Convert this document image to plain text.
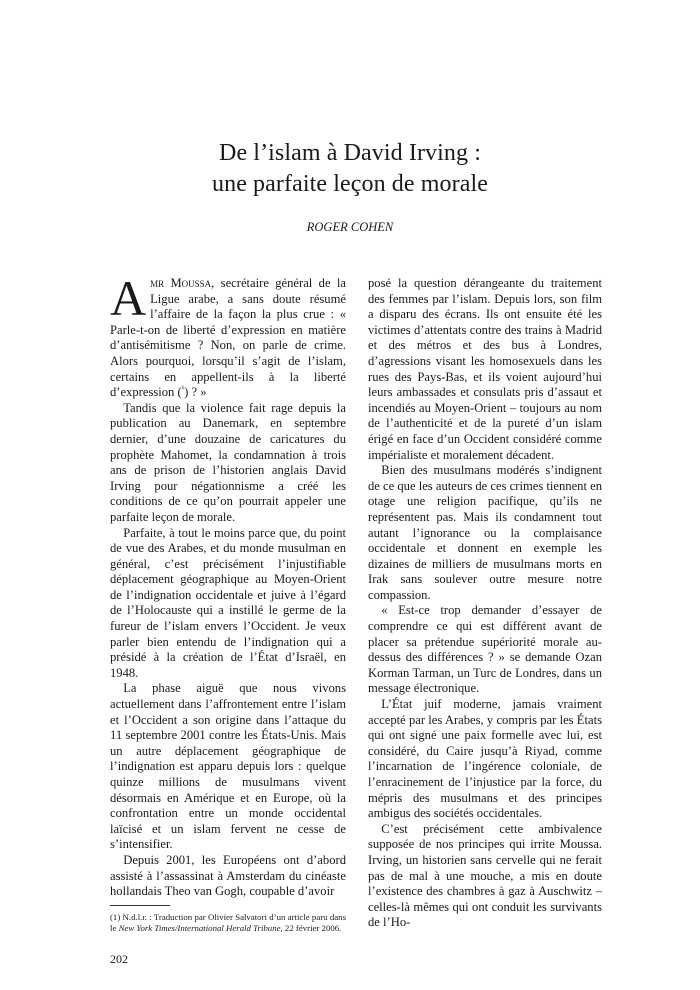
De l’islam à David Irving :
une parfaite leçon de morale
ROGER COHEN

Amr Moussa, secrétaire général de la Ligue arabe, a sans doute résumé l’affaire de la façon la plus crue : « Parle-t-on de liberté d’expression en matière d’antisémitisme ? Non, on parle de crime. Alors pourquoi, lorsqu’il s’agit de l’islam, certains en appellent-ils à la liberté d’expression ($^{^1}$) ? »

Tandis que la violence fait rage depuis la publication au Danemark, en septembre dernier, d’une douzaine de caricatures du prophète Mahomet, la condamnation à trois ans de prison de l’historien anglais David Irving pour négationnisme a créé les conditions de ce qu’on pourrait appeler une parfaite leçon de morale.

Parfaite, à tout le moins parce que, du point de vue des Arabes, et du monde musulman en général, c’est précisément l’injustifiable déplacement géographique au Moyen-Orient de l’indignation occidentale et juive à l’égard de l’Holocauste qui a instillé le germe de la fureur de l’islam envers l’Occident. Je veux parler bien entendu de l’indignation qui a présidé à la création de l’État d’Israël, en 1948.

La phase aiguë que nous vivons actuellement dans l’affrontement entre l’islam et l’Occident a son origine dans l’attaque du 11 septembre 2001 contre les États-Unis. Mais un autre déplacement géographique de l’indignation est apparu depuis lors : quelque quinze millions de musulmans vivent désormais en Amérique et en Europe, où la confrontation entre un monde occidental laïcisé et un islam fervent ne cesse de s’intensifier.

Depuis 2001, les Européens ont d’abord assisté à l’assassinat à Amsterdam du cinéaste hollandais Theo van Gogh, coupable d’avoir

posé la question dérangeante du traitement des femmes par l’islam. Depuis lors, son film a disparu des écrans. Ils ont ensuite été les victimes d’attentats contre des trains à Madrid et des métros et des bus à Londres, d’agressions visant les homosexuels dans les rues des Pays-Bas, et ils voient aujourd’hui leurs ambassades et consulats pris d’assaut et incendiés au Moyen-Orient – toujours au nom de l’authenticité et de la pureté d’un islam érigé en face d’un Occident considéré comme impérialiste et moralement décadent.

Bien des musulmans modérés s’indignent de ce que les auteurs de ces crimes tiennent en otage une religion pacifique, qu’ils ne représentent pas. Mais ils condamnent tout autant l’ignorance ou la complaisance occidentale et donnent en exemple les dizaines de milliers de musulmans morts en Irak sans soulever outre mesure notre compassion.

« Est-ce trop demander d’essayer de comprendre ce qui est différent avant de placer sa prétendue supériorité morale au-dessus des différences ? » se demande Ozan Korman Tarman, un Turc de Londres, dans un message électronique.

L’État juif moderne, jamais vraiment accepté par les Arabes, y compris par les États qui ont signé une paix formelle avec lui, est considéré, du Caire jusqu’à Riyad, comme l’incarnation de l’ingérence coloniale, de l’enracinement de l’injustice par la force, du mépris des musulmans et des principes ambigus des sociétés occidentales.

C’est précisément cette ambivalence supposée de nos principes qui irrite Moussa. Irving, un historien sans cervelle qui ne ferait pas de mal à une mouche, a mis en doute l’existence des chambres à gaz à Auschwitz – celles-là mêmes qui ont conduit les survivants de l’Ho-

(1) N.d.l.r. : Traduction par Olivier Salvatori d’un article paru dans le New York Times/International Herald Tribune, 22 février 2006.
202
